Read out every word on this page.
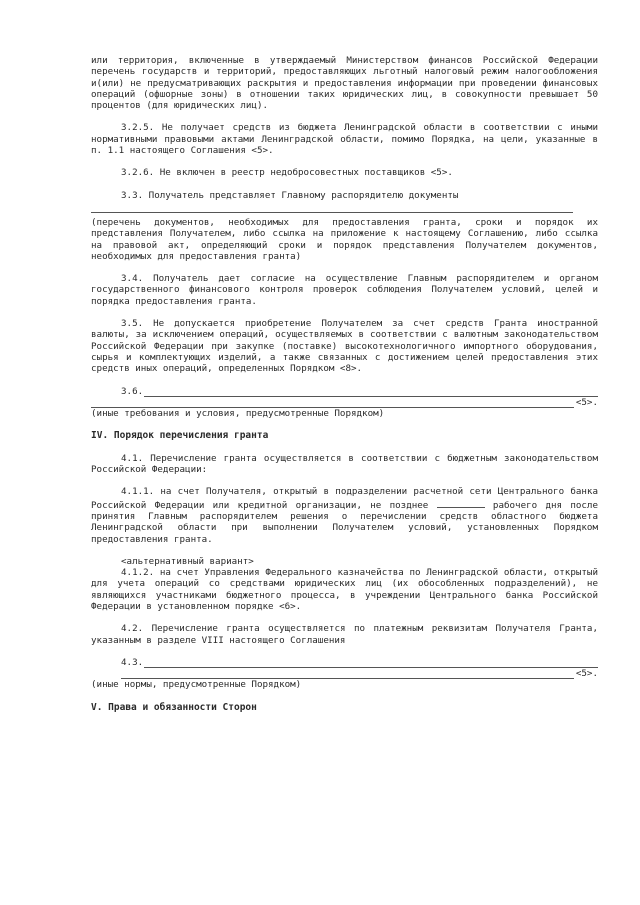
или территория, включенные в утверждаемый Министерством финансов Российской Федерации перечень государств и территорий, предоставляющих льготный налоговый режим налогообложения и(или) не предусматривающих раскрытия и предоставления информации при проведении финансовых операций (офшорные зоны) в отношении таких юридических лиц, в совокупности превышает 50 процентов (для юридических лиц).

3.2.5. Не получает средств из бюджета Ленинградской области в соответствии с иными нормативными правовыми актами Ленинградской области, помимо Порядка, на цели, указанные в п. 1.1 настоящего Соглашения <5>.

3.2.6. Не включен в реестр недобросовестных поставщиков <5>.

3.3. Получатель представляет Главному распорядителю документы

(перечень документов, необходимых для предоставления гранта, сроки и порядок их представления Получателем, либо ссылка на приложение к настоящему Соглашению, либо ссылка на правовой акт, определяющий сроки и порядок представления Получателем документов, необходимых для предоставления гранта)

3.4. Получатель дает согласие на осуществление Главным распорядителем и органом государственного финансового контроля проверок соблюдения Получателем условий, целей и порядка предоставления гранта.

3.5. Не допускается приобретение Получателем за счет средств Гранта иностранной валюты, за исключением операций, осуществляемых в соответствии с валютным законодательством Российской Федерации при закупке (поставке) высокотехнологичного импортного оборудования, сырья и комплектующих изделий, а также связанных с достижением целей предоставления этих средств иных операций, определенных Порядком <8>.

3.6.
<5>.

(иные требования и условия, предусмотренные Порядком)

IV. Порядок перечисления гранта

4.1. Перечисление гранта осуществляется в соответствии с бюджетным законодательством Российской Федерации:

4.1.1. на счет Получателя, открытый в подразделении расчетной сети Центрального банка Российской Федерации или кредитной организации, не позднее	рабочего дня после принятия Главным распорядителем решения о перечислении средств областного бюджета Ленинградской области при выполнении Получателем условий, установленных Порядком предоставления гранта.

<альтернативный вариант>

4.1.2. на счет Управления Федерального казначейства по Ленинградской области, открытый для учета операций со средствами юридических лиц (их обособленных подразделений), не являющихся участниками бюджетного процесса, в учреждении Центрального банка Российской Федерации в установленном порядке <6>.

4.2. Перечисление гранта осуществляется по платежным реквизитам Получателя Гранта, указанным в разделе VIII настоящего Соглашения

4.3.
<5>.

(иные нормы, предусмотренные Порядком)

V. Права и обязанности Сторон
